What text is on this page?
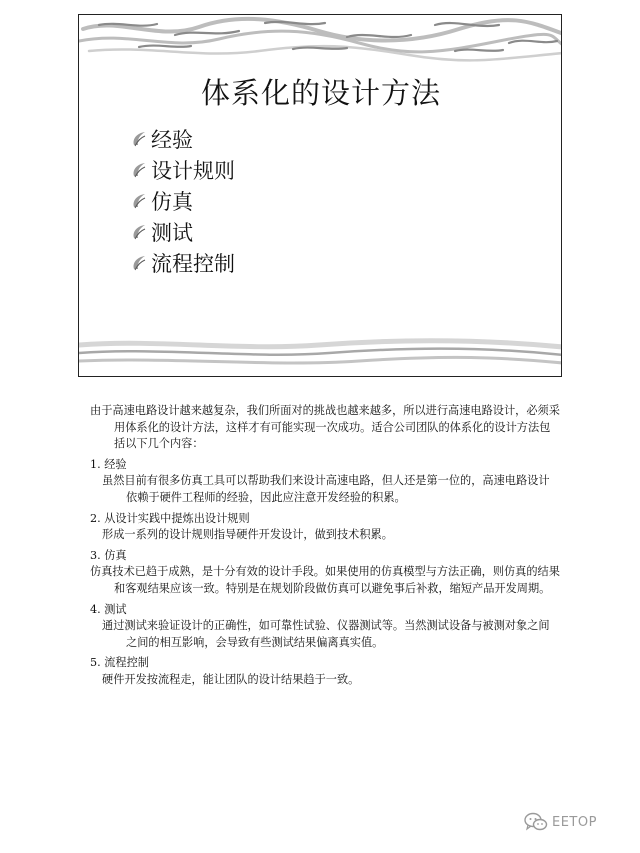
体系化的设计方法
经验
设计规则
仿真
测试
流程控制

由于高速电路设计越来越复杂，我们所面对的挑战也越来越多，所以进行高速电路设计，必须采用体系化的设计方法，这样才有可能实现一次成功。适合公司团队的体系化的设计方法包括以下几个内容：

1. 经验

虽然目前有很多仿真工具可以帮助我们来设计高速电路，但人还是第一位的，高速电路设计依赖于硬件工程师的经验，因此应注意开发经验的积累。

2. 从设计实践中提炼出设计规则

形成一系列的设计规则指导硬件开发设计，做到技术积累。

3. 仿真

仿真技术已趋于成熟，是十分有效的设计手段。如果使用的仿真模型与方法正确，则仿真的结果和客观结果应该一致。特别是在规划阶段做仿真可以避免事后补救，缩短产品开发周期。

4. 测试

通过测试来验证设计的正确性，如可靠性试验、仪器测试等。当然测试设备与被测对象之间之间的相互影响，会导致有些测试结果偏离真实值。

5. 流程控制

硬件开发按流程走，能让团队的设计结果趋于一致。

EETOP
